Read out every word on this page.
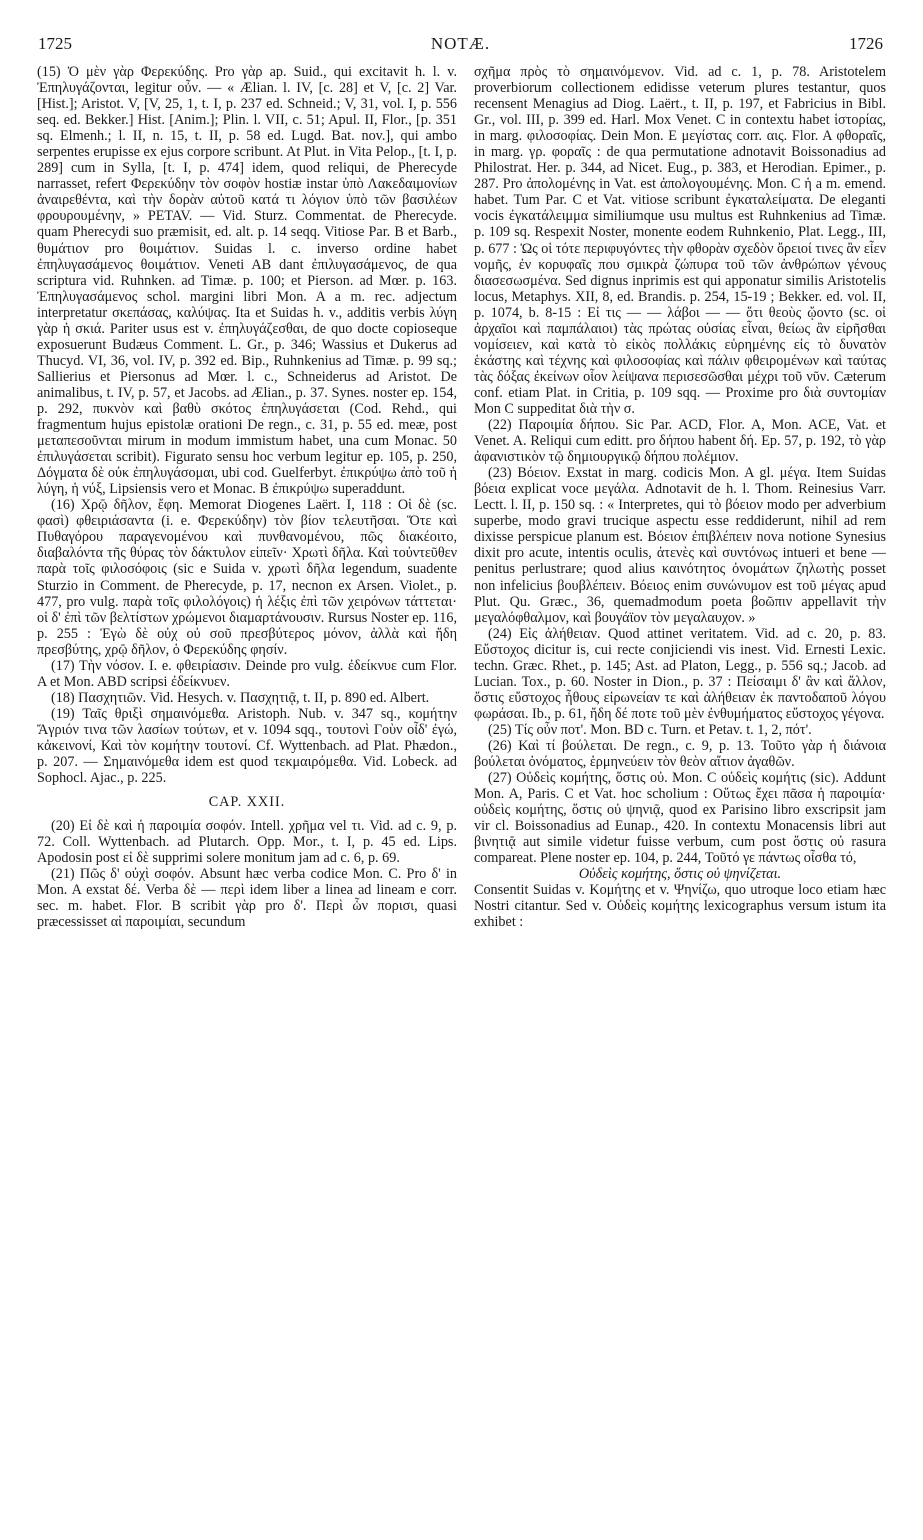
1725	NOTÆ.	1726

(15) Ὁ μὲν γὰρ Φερεκύδης. Pro γὰρ ap. Suid., qui excitavit h. l. v. Ἐπηλυγάζονται, legitur οὖν. — « Ælian. l. IV, [c. 28] et V, [c. 2] Var. [Hist.]; Aristot. V, [V, 25, 1, t. I, p. 237 ed. Schneid.; V, 31, vol. I, p. 556 seq. ed. Bekker.] Hist. [Anim.]; Plin. l. VII, c. 51; Apul. II, Flor., [p. 351 sq. Elmenh.; l. II, n. 15, t. II, p. 58 ed. Lugd. Bat. nov.], qui ambo serpentes erupisse ex ejus corpore scribunt. At Plut. in Vita Pelop., [t. I, p. 289] cum in Sylla, [t. I, p. 474] idem, quod reliqui, de Pherecyde narrasset, refert Φερεκύδην τὸν σοφὸν hostiæ instar ὑπὸ Λακεδαιμονίων ἀναιρεθέντα, καὶ τὴν δορὰν αὐτοῦ κατά τι λόγιον ὑπὸ τῶν βασιλέων φρουρουμένην, » PETAV. — Vid. Sturz. Commentat. de Pherecyde. quam Pherecydi suo præmisit, ed. alt. p. 14 seqq. Vitiose Par. B et Barb., θυμάτιον pro θοιμάτιον. Suidas l. c. inverso ordine habet ἐπηλυγασάμενος θοιμάτιον. Veneti AB dant ἐπιλυγασάμενος, de qua scriptura vid. Ruhnken. ad Timæ. p. 100; et Pierson. ad Mœr. p. 163. Ἐπηλυγασάμενος schol. margini libri Mon. A a m. rec. adjectum interpretatur σκεπάσας, καλύψας. Ita et Suidas h. v., additis verbis λύγη γὰρ ἡ σκιά. Pariter usus est v. ἐπηλυγάζεσθαι, de quo docte copioseque exposuerunt Budæus Comment. L. Gr., p. 346; Wassius et Dukerus ad Thucyd. VI, 36, vol. IV, p. 392 ed. Bip., Ruhnkenius ad Timæ. p. 99 sq.; Sallierius et Piersonus ad Mœr. l. c., Schneiderus ad Aristot. De animalibus, t. IV, p. 57, et Jacobs. ad Ælian., p. 37. Synes. noster ep. 154, p. 292, πυκνὸν καὶ βαθὺ σκότος ἐπηλυγάσεται (Cod. Rehd., qui fragmentum hujus epistolæ orationi De regn., c. 31, p. 55 ed. meæ, post μεταπεσοῦνται mirum in modum immistum habet, una cum Monac. 50 ἐπιλυγάσεται scribit). Figurato sensu hoc verbum legitur ep. 105, p. 250, Δόγματα δὲ οὐκ ἐπηλυγάσομαι, ubi cod. Guelferbyt. ἐπικρύψω ἀπὸ τοῦ ἡ λύγη, ἡ νύξ, Lipsiensis vero et Monac. B ἐπικρύψω superaddunt.

(16) Χρῷ δῆλον, ἔφη. Memorat Diogenes Laërt. I, 118 : Οἱ δὲ (sc. φασὶ) φθειριάσαντα (i. e. Φερεκύδην) τὸν βίον τελευτῆσαι. Ὅτε καὶ Πυθαγόρου παραγενομένου καὶ πυνθανομένου, πῶς διακέοιτο, διαβαλόντα τῆς θύρας τὸν δάκτυλον εἰπεῖν· Χρωτὶ δῆλα. Καὶ τοὐντεῦθεν παρὰ τοῖς φιλοσόφοις (sic e Suida v. χρωτὶ δῆλα legendum, suadente Sturzio in Comment. de Pherecyde, p. 17, necnon ex Arsen. Violet., p. 477, pro vulg. παρὰ τοῖς φιλολόγοις) ἡ λέξις ἐπὶ τῶν χειρόνων τάττεται· οἱ δ' ἐπὶ τῶν βελτίστων χρώμενοι διαμαρτάνουσιν. Rursus Noster ep. 116, p. 255 : Ἐγὼ δὲ οὐχ οὐ σοῦ πρεσβύτερος μόνον, ἀλλὰ καὶ ἤδη πρεσβύτης, χρῷ δῆλον, ὁ Φερεκύδης φησίν.

(17) Τὴν νόσον. I. e. φθειρίασιν. Deinde pro vulg. ἐδείκνυε cum Flor. A et Mon. ABD scripsi ἐδείκνυεν.

(18) Πασχητιῶν. Vid. Hesych. v. Πασχητιᾷ, t. II, p. 890 ed. Albert.

(19) Ταῖς θριξὶ σημαινόμεθα. Aristoph. Nub. v. 347 sq., κομήτην Ἄγριόν τινα τῶν λασίων τούτων, et v. 1094 sqq., τουτονὶ Γοὺν οἶδ' ἐγώ, κἀκεινονί, Καὶ τὸν κομήτην τουτονί. Cf. Wyttenbach. ad Plat. Phædon., p. 207. — Σημαινόμεθα idem est quod τεκμαιρόμεθα. Vid. Lobeck. ad Sophocl. Ajac., p. 225.

CAP. XXII.

(20) Εἰ δὲ καὶ ἡ παροιμία σοφόν. Intell. χρῆμα vel τι. Vid. ad c. 9, p. 72. Coll. Wyttenbach. ad Plutarch. Opp. Mor., t. I, p. 45 ed. Lips. Apodosin post εἰ δὲ supprimi solere monitum jam ad c. 6, p. 69.

(21) Πῶς δ' οὐχὶ σοφόν. Absunt hæc verba codice Mon. C. Pro δ' in Mon. A exstat δέ. Verba δὲ — περὶ idem liber a linea ad lineam e corr. sec. m. habet. Flor. B scribit γὰρ pro δ'. Περὶ ὧν πορισι, quasi præcessisset αἱ παροιμίαι, secundum

σχῆμα πρὸς τὸ σημαινόμενον. Vid. ad c. 1, p. 78. Aristotelem proverbiorum collectionem edidisse veterum plures testantur, quos recensent Menagius ad Diog. Laërt., t. II, p. 197, et Fabricius in Bibl. Gr., vol. III, p. 399 ed. Harl. Mox Venet. C in contextu habet ἱστορίας, in marg. φιλοσοφίας. Dein Mon. E μεγίστας corr. αις. Flor. A φθοραῖς, in marg. γρ. φοραῖς : de qua permutatione adnotavit Boissonadius ad Philostrat. Her. p. 344, ad Nicet. Eug., p. 383, et Herodian. Epimer., p. 287. Pro ἀπολομένης in Vat. est ἀπολογουμένης. Mon. C ἡ a m. emend. habet. Tum Par. C et Vat. vitiose scribunt ἐγκαταλείματα. De eleganti vocis ἐγκατάλειμμα similiumque usu multus est Ruhnkenius ad Timæ. p. 109 sq. Respexit Noster, monente eodem Ruhnkenio, Plat. Legg., III, p. 677 : Ὡς οἱ τότε περιφυγόντες τὴν φθορὰν σχεδὸν ὄρειοί τινες ἂν εἶεν νομῆς, ἐν κορυφαῖς που σμικρὰ ζώπυρα τοῦ τῶν ἀνθρώπων γένους διασεσωσμένα. Sed dignus inprimis est qui apponatur similis Aristotelis locus, Metaphys. XII, 8, ed. Brandis. p. 254, 15-19 ; Bekker. ed. vol. II, p. 1074, b. 8-15 : Εἰ τις — — λάβοι — — ὅτι θεοὺς ᾤοντο (sc. οἱ ἀρχαῖοι καὶ παμπάλαιοι) τὰς πρώτας οὐσίας εἶναι, θείως ἂν εἰρῆσθαι νομίσειεν, καὶ κατὰ τὸ εἰκὸς πολλάκις εὑρημένης εἰς τὸ δυνατὸν ἑκάστης καὶ τέχνης καὶ φιλοσοφίας καὶ πάλιν φθειρομένων καὶ ταύτας τὰς δόξας ἐκείνων οἷον λείψανα περισεσῶσθαι μέχρι τοῦ νῦν. Cæterum conf. etiam Plat. in Critia, p. 109 sqq. — Proxime pro διὰ συντομίαν Mon C suppeditat διὰ τὴν σ.

(22) Παροιμία δήπου. Sic Par. ACD, Flor. A, Mon. ACE, Vat. et Venet. A. Reliqui cum editt. pro δήπου habent δή. Ep. 57, p. 192, τὸ γὰρ ἀφανιστικὸν τῷ δημιουργικῷ δήπου πολέμιον.

(23) Βόειον. Exstat in marg. codicis Mon. A gl. μέγα. Item Suidas βόεια explicat voce μεγάλα. Adnotavit de h. l. Thom. Reinesius Varr. Lectt. l. II, p. 150 sq. : « Interpretes, qui τὸ βόειον modo per adverbium superbe, modo gravi trucique aspectu esse reddiderunt, nihil ad rem dixisse perspicue planum est. Βόειον ἐπιβλέπειν nova notione Synesius dixit pro acute, intentis oculis, ἀτενὲς καὶ συντόνως intueri et bene — penitus perlustrare; quod alius καινότητος ὀνομάτων ζηλωτὴς posset non infelicius βουβλέπειν. Βόειος enim συνώνυμον est τοῦ μέγας apud Plut. Qu. Græc., 36, quemadmodum poeta βοῶπιν appellavit τὴν μεγαλόφθαλμον, καὶ βουγάϊον τὸν μεγαλαυχον. »

(24) Εἰς ἀλήθειαν. Quod attinet veritatem. Vid. ad c. 20, p. 83. Εὔστοχος dicitur is, cui recte conjiciendi vis inest. Vid. Ernesti Lexic. techn. Græc. Rhet., p. 145; Ast. ad Platon, Legg., p. 556 sq.; Jacob. ad Lucian. Tox., p. 60. Noster in Dion., p. 37 : Πείσαιμι δ' ἂν καὶ ἄλλον, ὅστις εὔστοχος ἦθους εἰρωνείαν τε καὶ ἀλήθειαν ἐκ παντοδαποῦ λόγου φωράσαι. Ib., p. 61, ἤδη δέ ποτε τοῦ μὲν ἐνθυμήματος εὔστοχος γέγονα.

(25) Τίς οὖν ποτ'. Mon. BD c. Turn. et Petav. t. 1, 2, πότ'.

(26) Καὶ τί βούλεται. De regn., c. 9, p. 13. Τοῦτο γὰρ ἡ διάνοια βούλεται ὀνόματος, ἑρμηνεύειν τὸν θεὸν αἴτιον ἀγαθῶν.

(27) Οὐδεὶς κομήτης, ὅστις οὐ. Mon. C οὐδεὶς κομήτις (sic). Addunt Mon. A, Paris. C et Vat. hoc scholium : Οὕτως ἔχει πᾶσα ἡ παροιμία· οὐδεὶς κομήτης, ὅστις οὐ ψηνιᾷ, quod ex Parisino libro exscripsit jam vir cl. Boissonadius ad Eunap., 420. In contextu Monacensis libri aut βινητιᾷ aut simile videtur fuisse verbum, cum post ὅστις οὐ rasura compareat. Plene noster ep. 104, p. 244, Τοῦτό γε πάντως οἶσθα τό,

Οὐδεὶς κομήτης, ὅστις οὐ ψηνίζεται.

Consentit Suidas v. Κομήτης et v. Ψηνίζω, quo utroque loco etiam hæc Nostri citantur. Sed v. Οὐδεὶς κομήτης lexicographus versum istum ita exhibet :
